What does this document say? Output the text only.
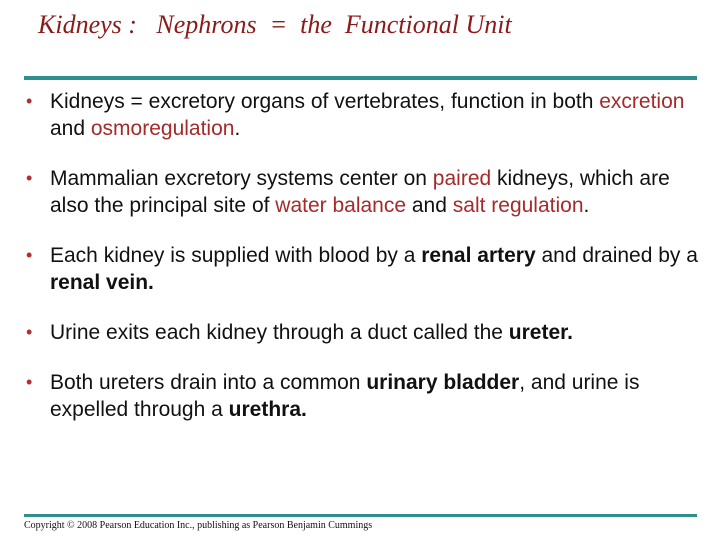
Kidneys :   Nephrons  =  the  Functional Unit
• Kidneys = excretory organs of vertebrates, function in both excretion and osmoregulation.
• Mammalian excretory systems center on paired kidneys, which are also the principal site of water balance and salt regulation.
• Each kidney is supplied with blood by a renal artery and drained by a renal vein.
• Urine exits each kidney through a duct called the ureter.
• Both ureters drain into a common urinary bladder, and urine is expelled through a urethra.
Copyright © 2008 Pearson Education Inc., publishing as Pearson Benjamin Cummings
